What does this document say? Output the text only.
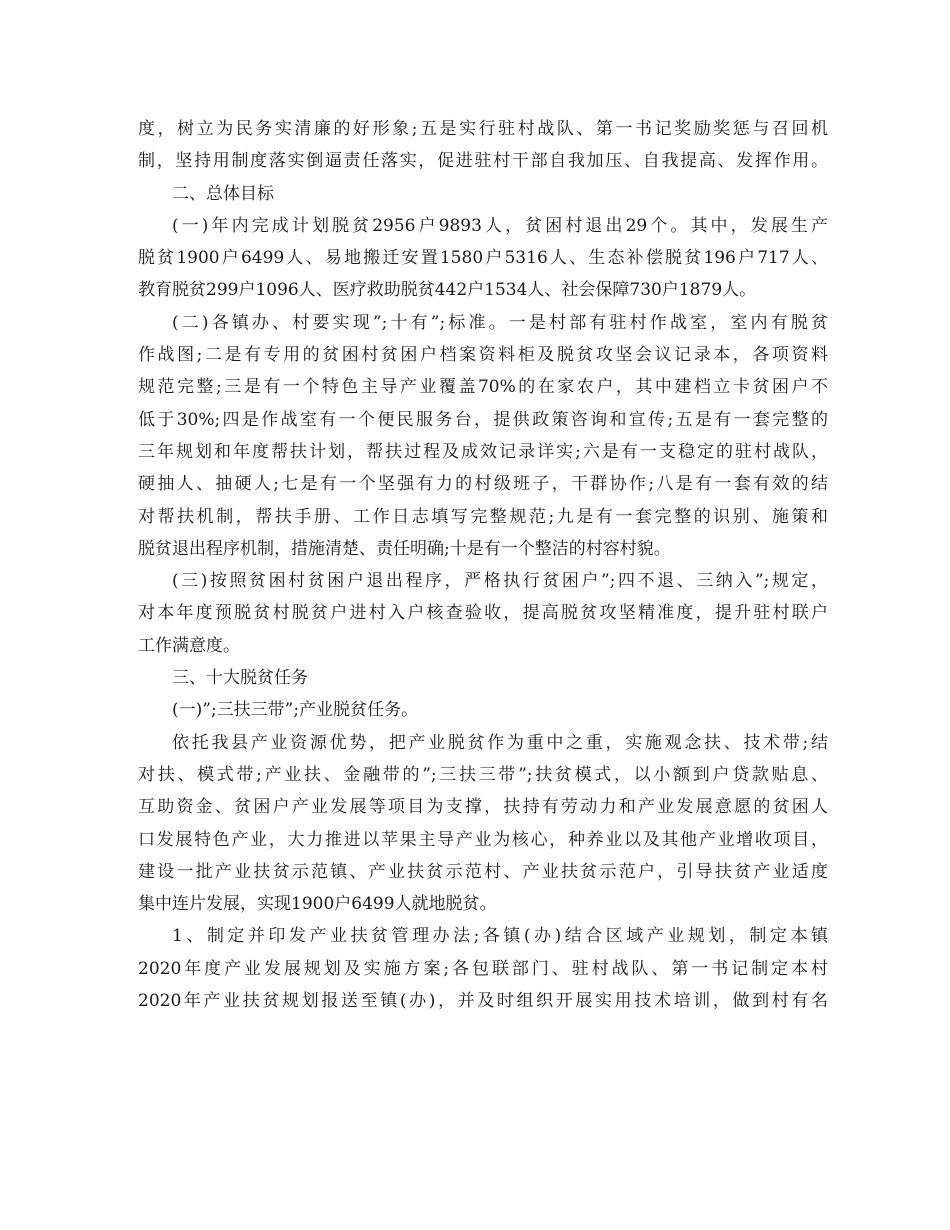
度，树立为民务实清廉的好形象;五是实行驻村战队、第一书记奖励奖惩与召回机
制，坚持用制度落实倒逼责任落实，促进驻村干部自我加压、自我提高、发挥作用。
二、总体目标
(一)年内完成计划脱贫2956户9893人，贫困村退出29个。其中，发展生产
脱贫1900户6499人、易地搬迁安置1580户5316人、生态补偿脱贫196户717人、
教育脱贫299户1096人、医疗救助脱贫442户1534人、社会保障730户1879人。
(二)各镇办、村要实现”;十有”;标准。一是村部有驻村作战室，室内有脱贫
作战图;二是有专用的贫困村贫困户档案资料柜及脱贫攻坚会议记录本，各项资料
规范完整;三是有一个特色主导产业覆盖70%的在家农户，其中建档立卡贫困户不
低于30%;四是作战室有一个便民服务台，提供政策咨询和宣传;五是有一套完整的
三年规划和年度帮扶计划，帮扶过程及成效记录详实;六是有一支稳定的驻村战队，
硬抽人、抽硬人;七是有一个坚强有力的村级班子，干群协作;八是有一套有效的结
对帮扶机制，帮扶手册、工作日志填写完整规范;九是有一套完整的识别、施策和
脱贫退出程序机制，措施清楚、责任明确;十是有一个整洁的村容村貌。
(三)按照贫困村贫困户退出程序，严格执行贫困户”;四不退、三纳入”;规定，
对本年度预脱贫村脱贫户进村入户核查验收，提高脱贫攻坚精准度，提升驻村联户
工作满意度。
三、十大脱贫任务
(一)”;三扶三带”;产业脱贫任务。
依托我县产业资源优势，把产业脱贫作为重中之重，实施观念扶、技术带;结
对扶、模式带;产业扶、金融带的”;三扶三带”;扶贫模式，以小额到户贷款贴息、
互助资金、贫困户产业发展等项目为支撑，扶持有劳动力和产业发展意愿的贫困人
口发展特色产业，大力推进以苹果主导产业为核心，种养业以及其他产业增收项目，
建设一批产业扶贫示范镇、产业扶贫示范村、产业扶贫示范户，引导扶贫产业适度
集中连片发展，实现1900户6499人就地脱贫。
1、制定并印发产业扶贫管理办法;各镇(办)结合区域产业规划，制定本镇
2020年度产业发展规划及实施方案;各包联部门、驻村战队、第一书记制定本村
2020年产业扶贫规划报送至镇(办)，并及时组织开展实用技术培训，做到村有名
